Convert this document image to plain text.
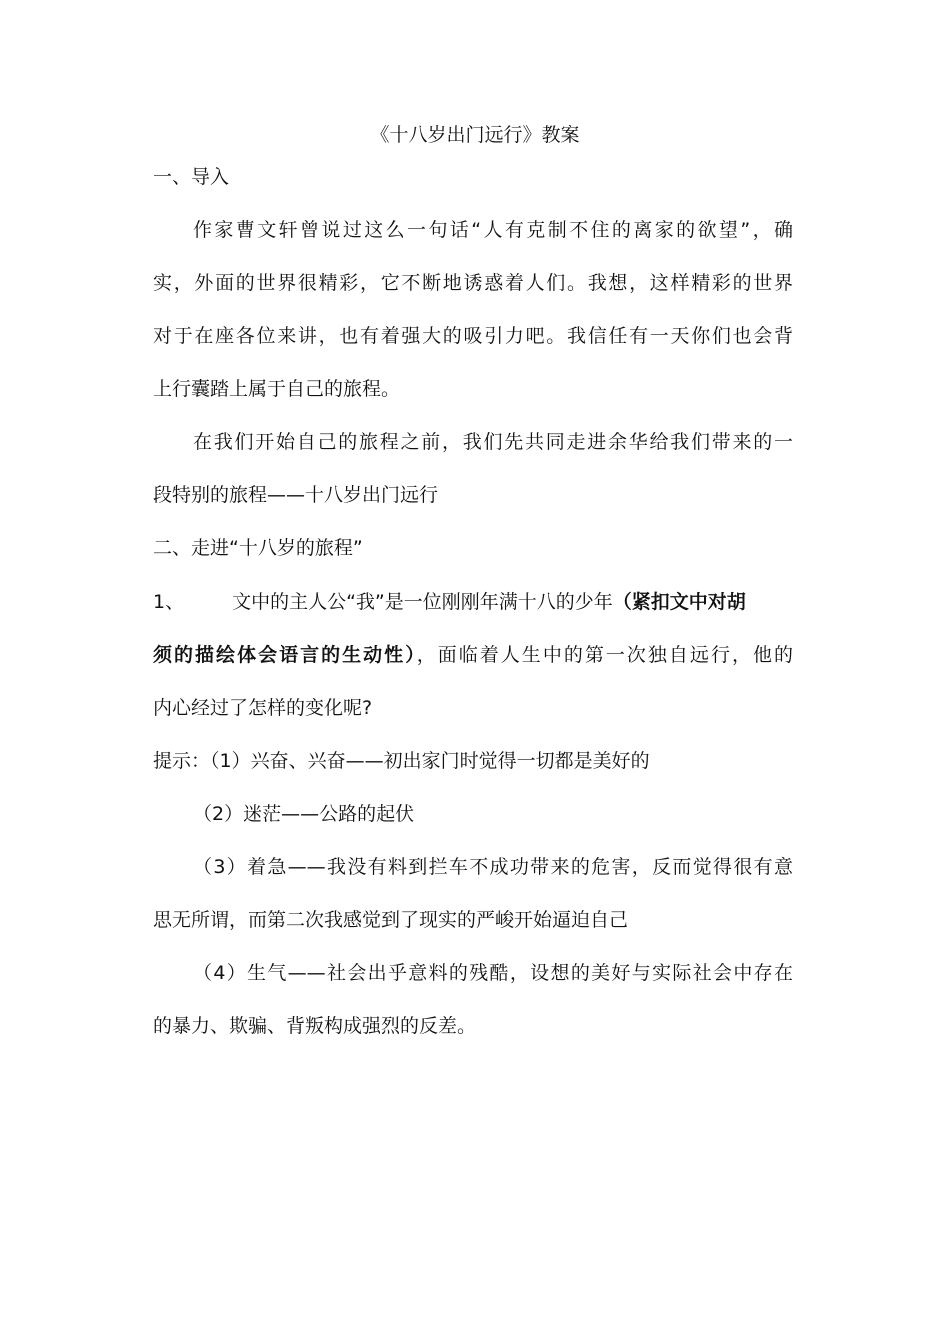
《十八岁出门远行》教案
一、导入
作家曹文轩曾说过这么一句话“人有克制不住的离家的欲望”，确
实，外面的世界很精彩，它不断地诱惑着人们。我想，这样精彩的世界
对于在座各位来讲，也有着强大的吸引力吧。我信任有一天你们也会背
上行囊踏上属于自己的旅程。
在我们开始自己的旅程之前，我们先共同走进余华给我们带来的一
段特别的旅程——十八岁出门远行
二、走进“十八岁的旅程”
1、	文中的主人公“我”是一位刚刚年满十八的少年（紧扣文中对胡
须的描绘体会语言的生动性），面临着人生中的第一次独自远行，他的
内心经过了怎样的变化呢?
提示：（1）兴奋、兴奋——初出家门时觉得一切都是美好的
（2）迷茫——公路的起伏
（3）着急——我没有料到拦车不成功带来的危害，反而觉得很有意
思无所谓，而第二次我感觉到了现实的严峻开始逼迫自己
（4）生气——社会出乎意料的残酷，设想的美好与实际社会中存在
的暴力、欺骗、背叛构成强烈的反差。
